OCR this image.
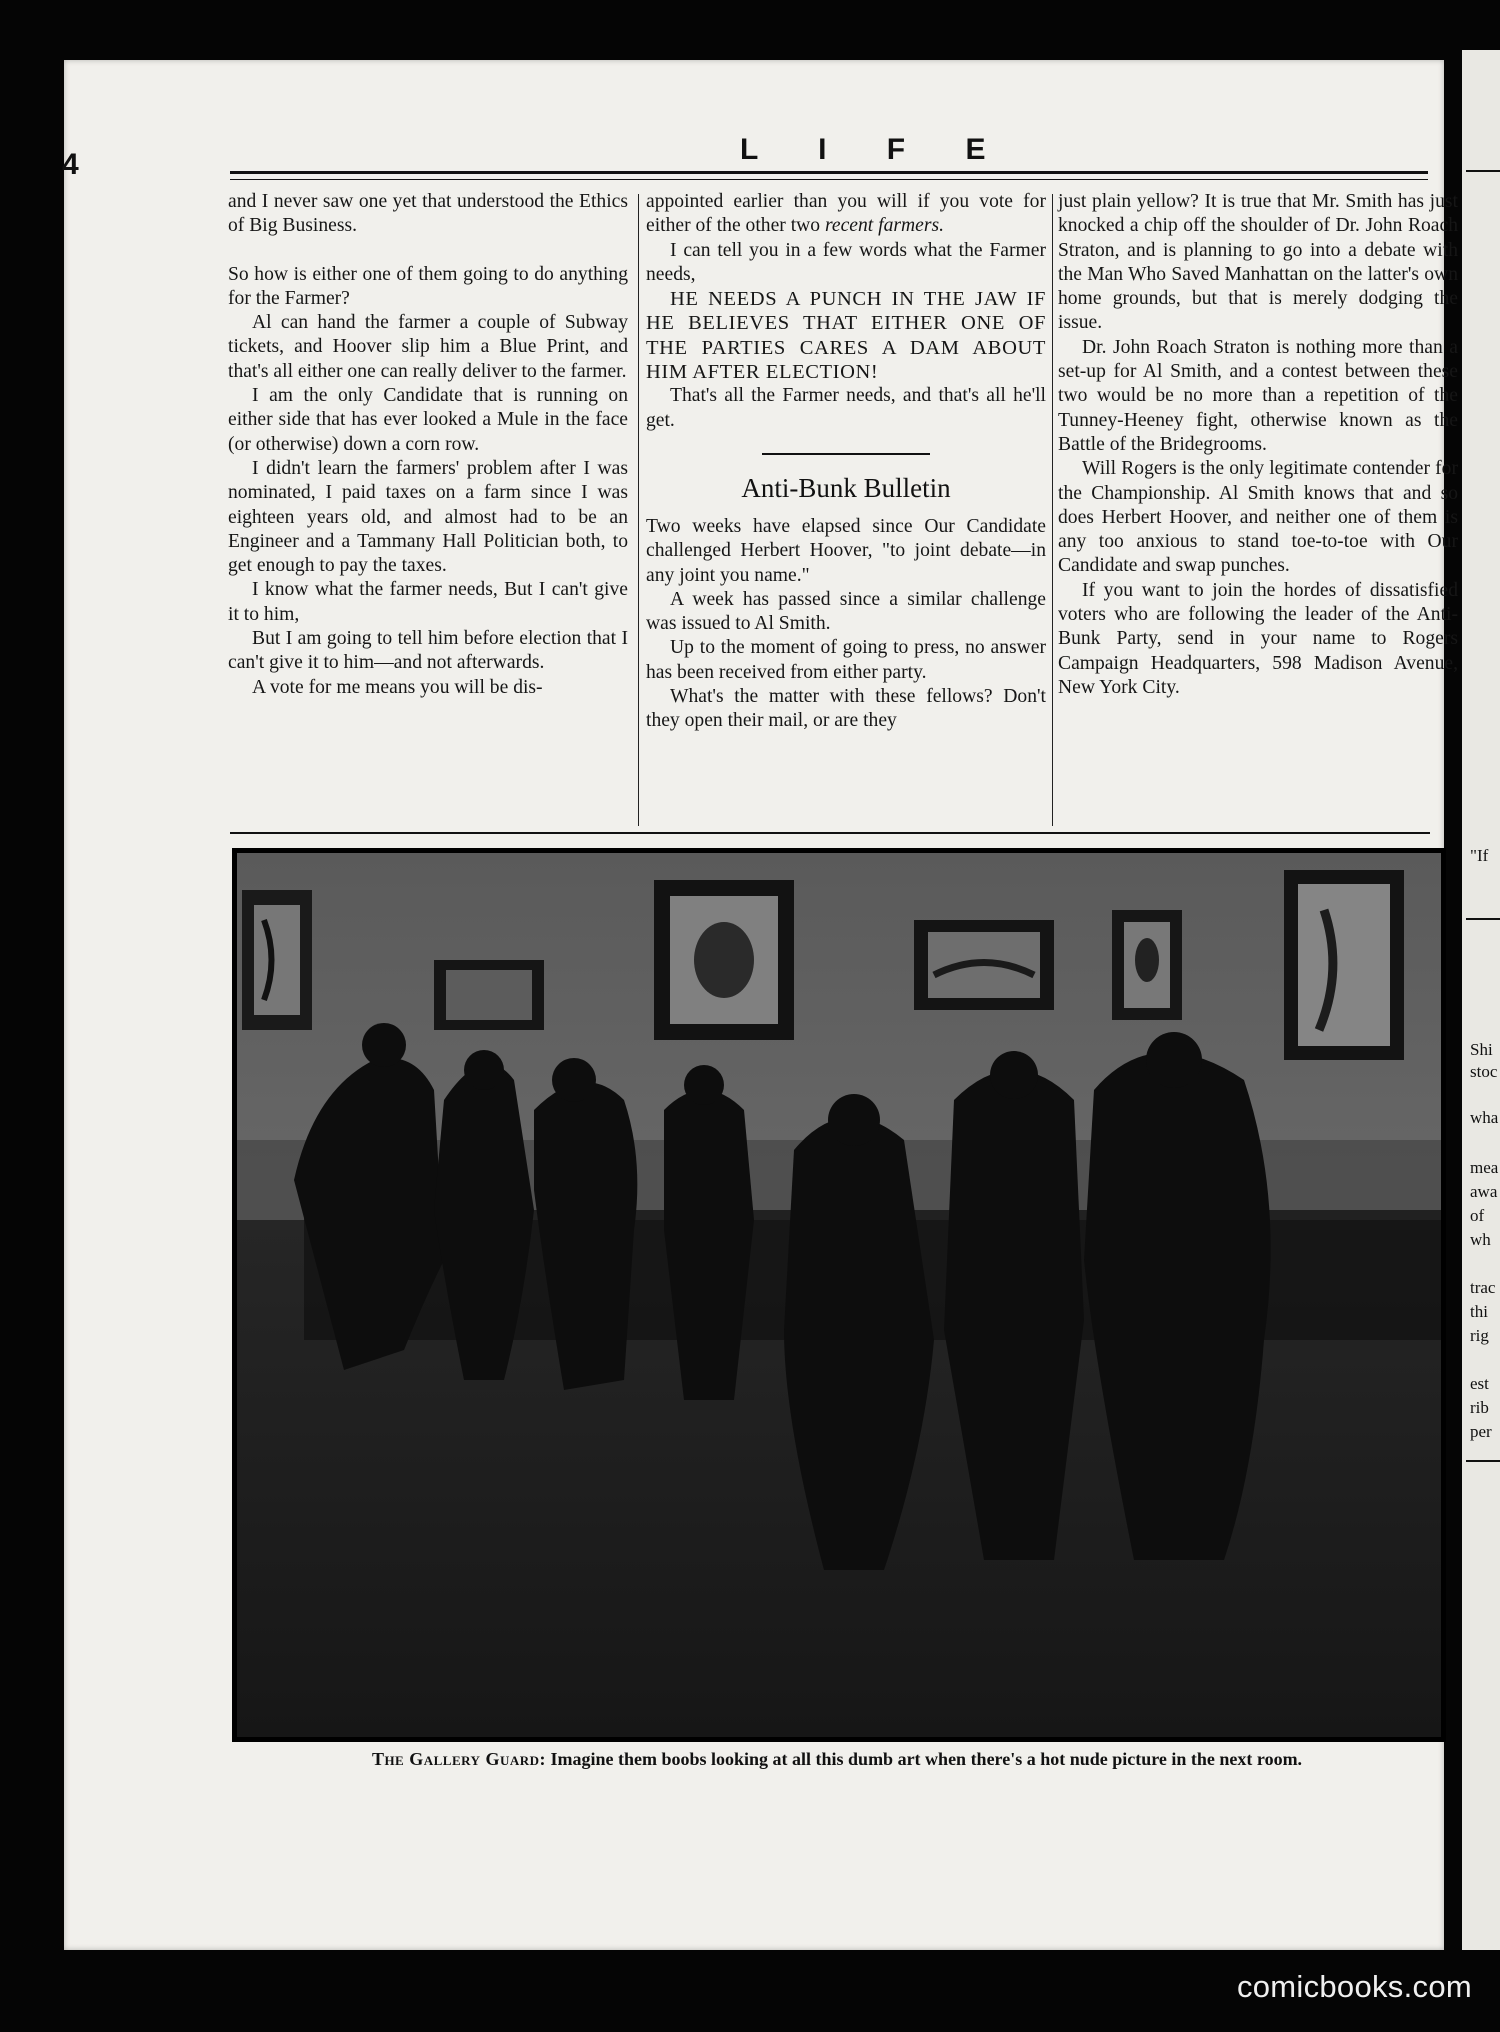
"If
Shi
stoc
wha
mea
awa
of
wh
trac
thi
rig
est
rib
per
4	L I F E

and I never saw one yet that understood the Ethics of Big Business.

So how is either one of them going to do anything for the Farmer?

Al can hand the farmer a couple of Subway tickets, and Hoover slip him a Blue Print, and that's all either one can really deliver to the farmer.

I am the only Candidate that is running on either side that has ever looked a Mule in the face (or otherwise) down a corn row.

I didn't learn the farmers' problem after I was nominated, I paid taxes on a farm since I was eighteen years old, and almost had to be an Engineer and a Tammany Hall Politician both, to get enough to pay the taxes.

I know what the farmer needs, But I can't give it to him,

But I am going to tell him before election that I can't give it to him—and not afterwards.

A vote for me means you will be dis-

appointed earlier than you will if you vote for either of the other two recent farmers.

I can tell you in a few words what the Farmer needs,

HE NEEDS A PUNCH IN THE JAW IF HE BELIEVES THAT EITHER ONE OF THE PARTIES CARES A DAM ABOUT HIM AFTER ELECTION!

That's all the Farmer needs, and that's all he'll get.

Anti-Bunk Bulletin

Two weeks have elapsed since Our Candidate challenged Herbert Hoover, "to joint debate—in any joint you name."

A week has passed since a similar challenge was issued to Al Smith.

Up to the moment of going to press, no answer has been received from either party.

What's the matter with these fellows? Don't they open their mail, or are they

just plain yellow? It is true that Mr. Smith has just knocked a chip off the shoulder of Dr. John Roach Straton, and is planning to go into a debate with the Man Who Saved Manhattan on the latter's own home grounds, but that is merely dodging the issue.

Dr. John Roach Straton is nothing more than a set-up for Al Smith, and a contest between these two would be no more than a repetition of the Tunney-Heeney fight, otherwise known as the Battle of the Bridegrooms.

Will Rogers is the only legitimate contender for the Championship. Al Smith knows that and so does Herbert Hoover, and neither one of them is any too anxious to stand toe-to-toe with Our Candidate and swap punches.

If you want to join the hordes of dissatisfied voters who are following the leader of the Anti-Bunk Party, send in your name to Rogers Campaign Headquarters, 598 Madison Avenue, New York City.

The Gallery Guard: Imagine them boobs looking at all this dumb art when there's a hot nude picture in the next room.
comicbooks.com
